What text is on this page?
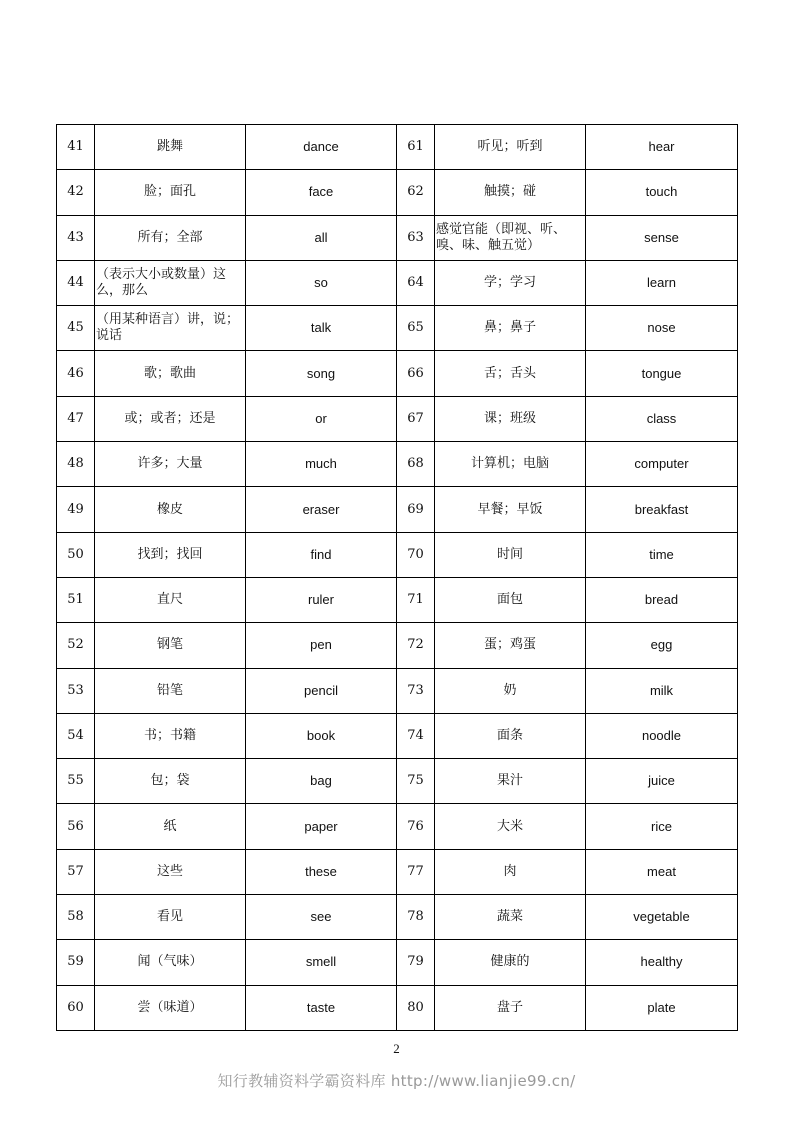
41	跳舞	dance	61	听见；听到	hear
42	脸；面孔	face	62	触摸；碰	touch
43	所有；全部	all	63	感觉官能（即视、听、嗅、味、触五觉）	sense
44	（表示大小或数量）这么，那么	so	64	学；学习	learn
45	（用某种语言）讲，说；说话	talk	65	鼻；鼻子	nose
46	歌；歌曲	song	66	舌；舌头	tongue
47	或；或者；还是	or	67	课；班级	class
48	许多；大量	much	68	计算机；电脑	computer
49	橡皮	eraser	69	早餐；早饭	breakfast
50	找到；找回	find	70	时间	time
51	直尺	ruler	71	面包	bread
52	钢笔	pen	72	蛋；鸡蛋	egg
53	铅笔	pencil	73	奶	milk
54	书；书籍	book	74	面条	noodle
55	包；袋	bag	75	果汁	juice
56	纸	paper	76	大米	rice
57	这些	these	77	肉	meat
58	看见	see	78	蔬菜	vegetable
59	闻（气味）	smell	79	健康的	healthy
60	尝（味道）	taste	80	盘子	plate
2
知行教辅资料学霸资料库 http://www.lianjie99.cn/
